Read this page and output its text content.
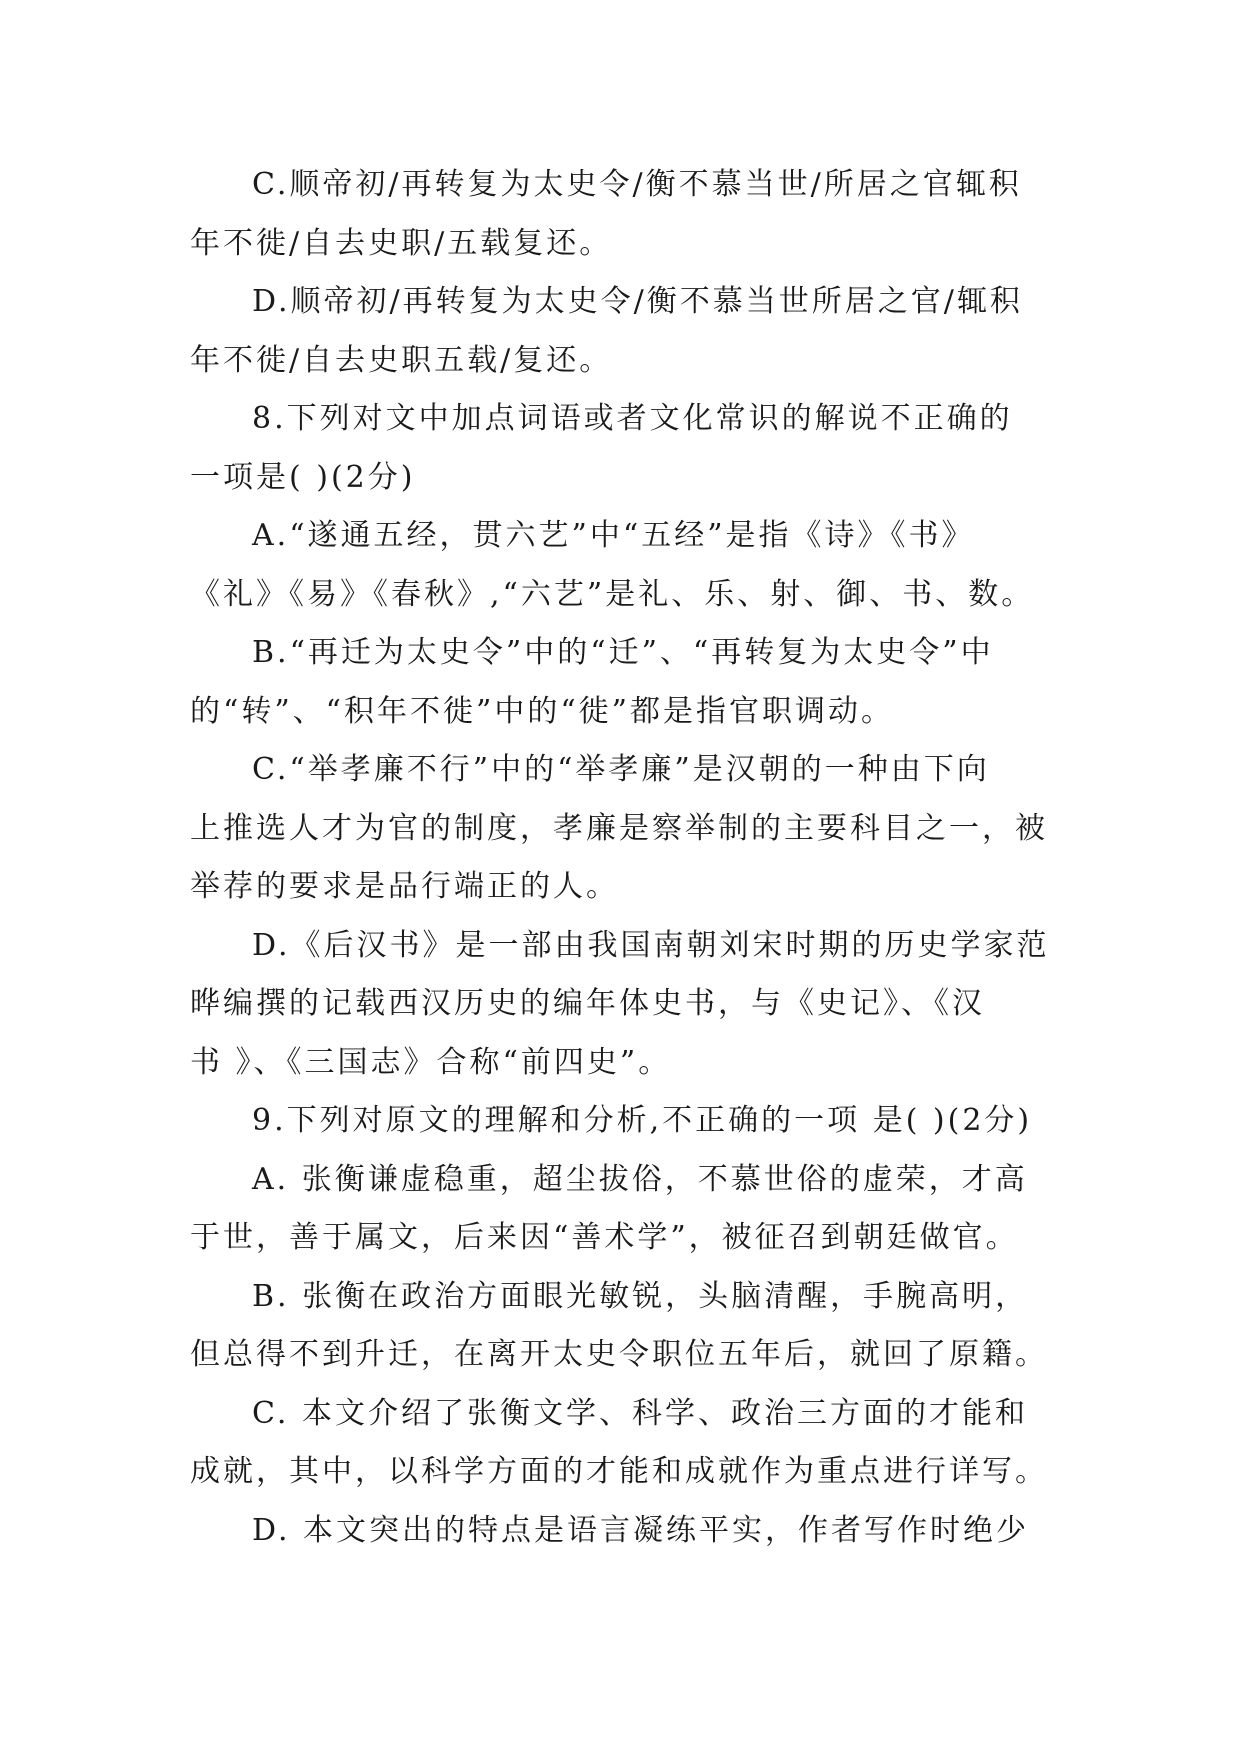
C.顺帝初/再转复为太史令/衡不慕当世/所居之官辄积
年不徙/自去史职/五载复还。
D.顺帝初/再转复为太史令/衡不慕当世所居之官/辄积
年不徙/自去史职五载/复还。
8.下列对文中加点词语或者文化常识的解说不正确的
一项是( )(2分)
A.“遂通五经，贯六艺”中“五经”是指《诗》《书》
《礼》《易》《春秋》,“六艺”是礼、乐、射、御、书、数。
B.“再迁为太史令”中的“迁”、“再转复为太史令”中
的“转”、“积年不徙”中的“徙”都是指官职调动。
C.“举孝廉不行”中的“举孝廉”是汉朝的一种由下向
上推选人才为官的制度，孝廉是察举制的主要科目之一，被
举荐的要求是品行端正的人。
D.《后汉书》是一部由我国南朝刘宋时期的历史学家范
晔编撰的记载西汉历史的编年体史书，与《史记》、《汉
书 》、《三国志》合称“前四史”。
9.下列对原文的理解和分析,不正确的一项 是( )(2分)
A. 张衡谦虚稳重，超尘拔俗，不慕世俗的虚荣，才高
于世，善于属文，后来因“善术学”，被征召到朝廷做官。
B. 张衡在政治方面眼光敏锐，头脑清醒，手腕高明，
但总得不到升迁，在离开太史令职位五年后，就回了原籍。
C. 本文介绍了张衡文学、科学、政治三方面的才能和
成就，其中，以科学方面的才能和成就作为重点进行详写。
D. 本文突出的特点是语言凝练平实，作者写作时绝少
